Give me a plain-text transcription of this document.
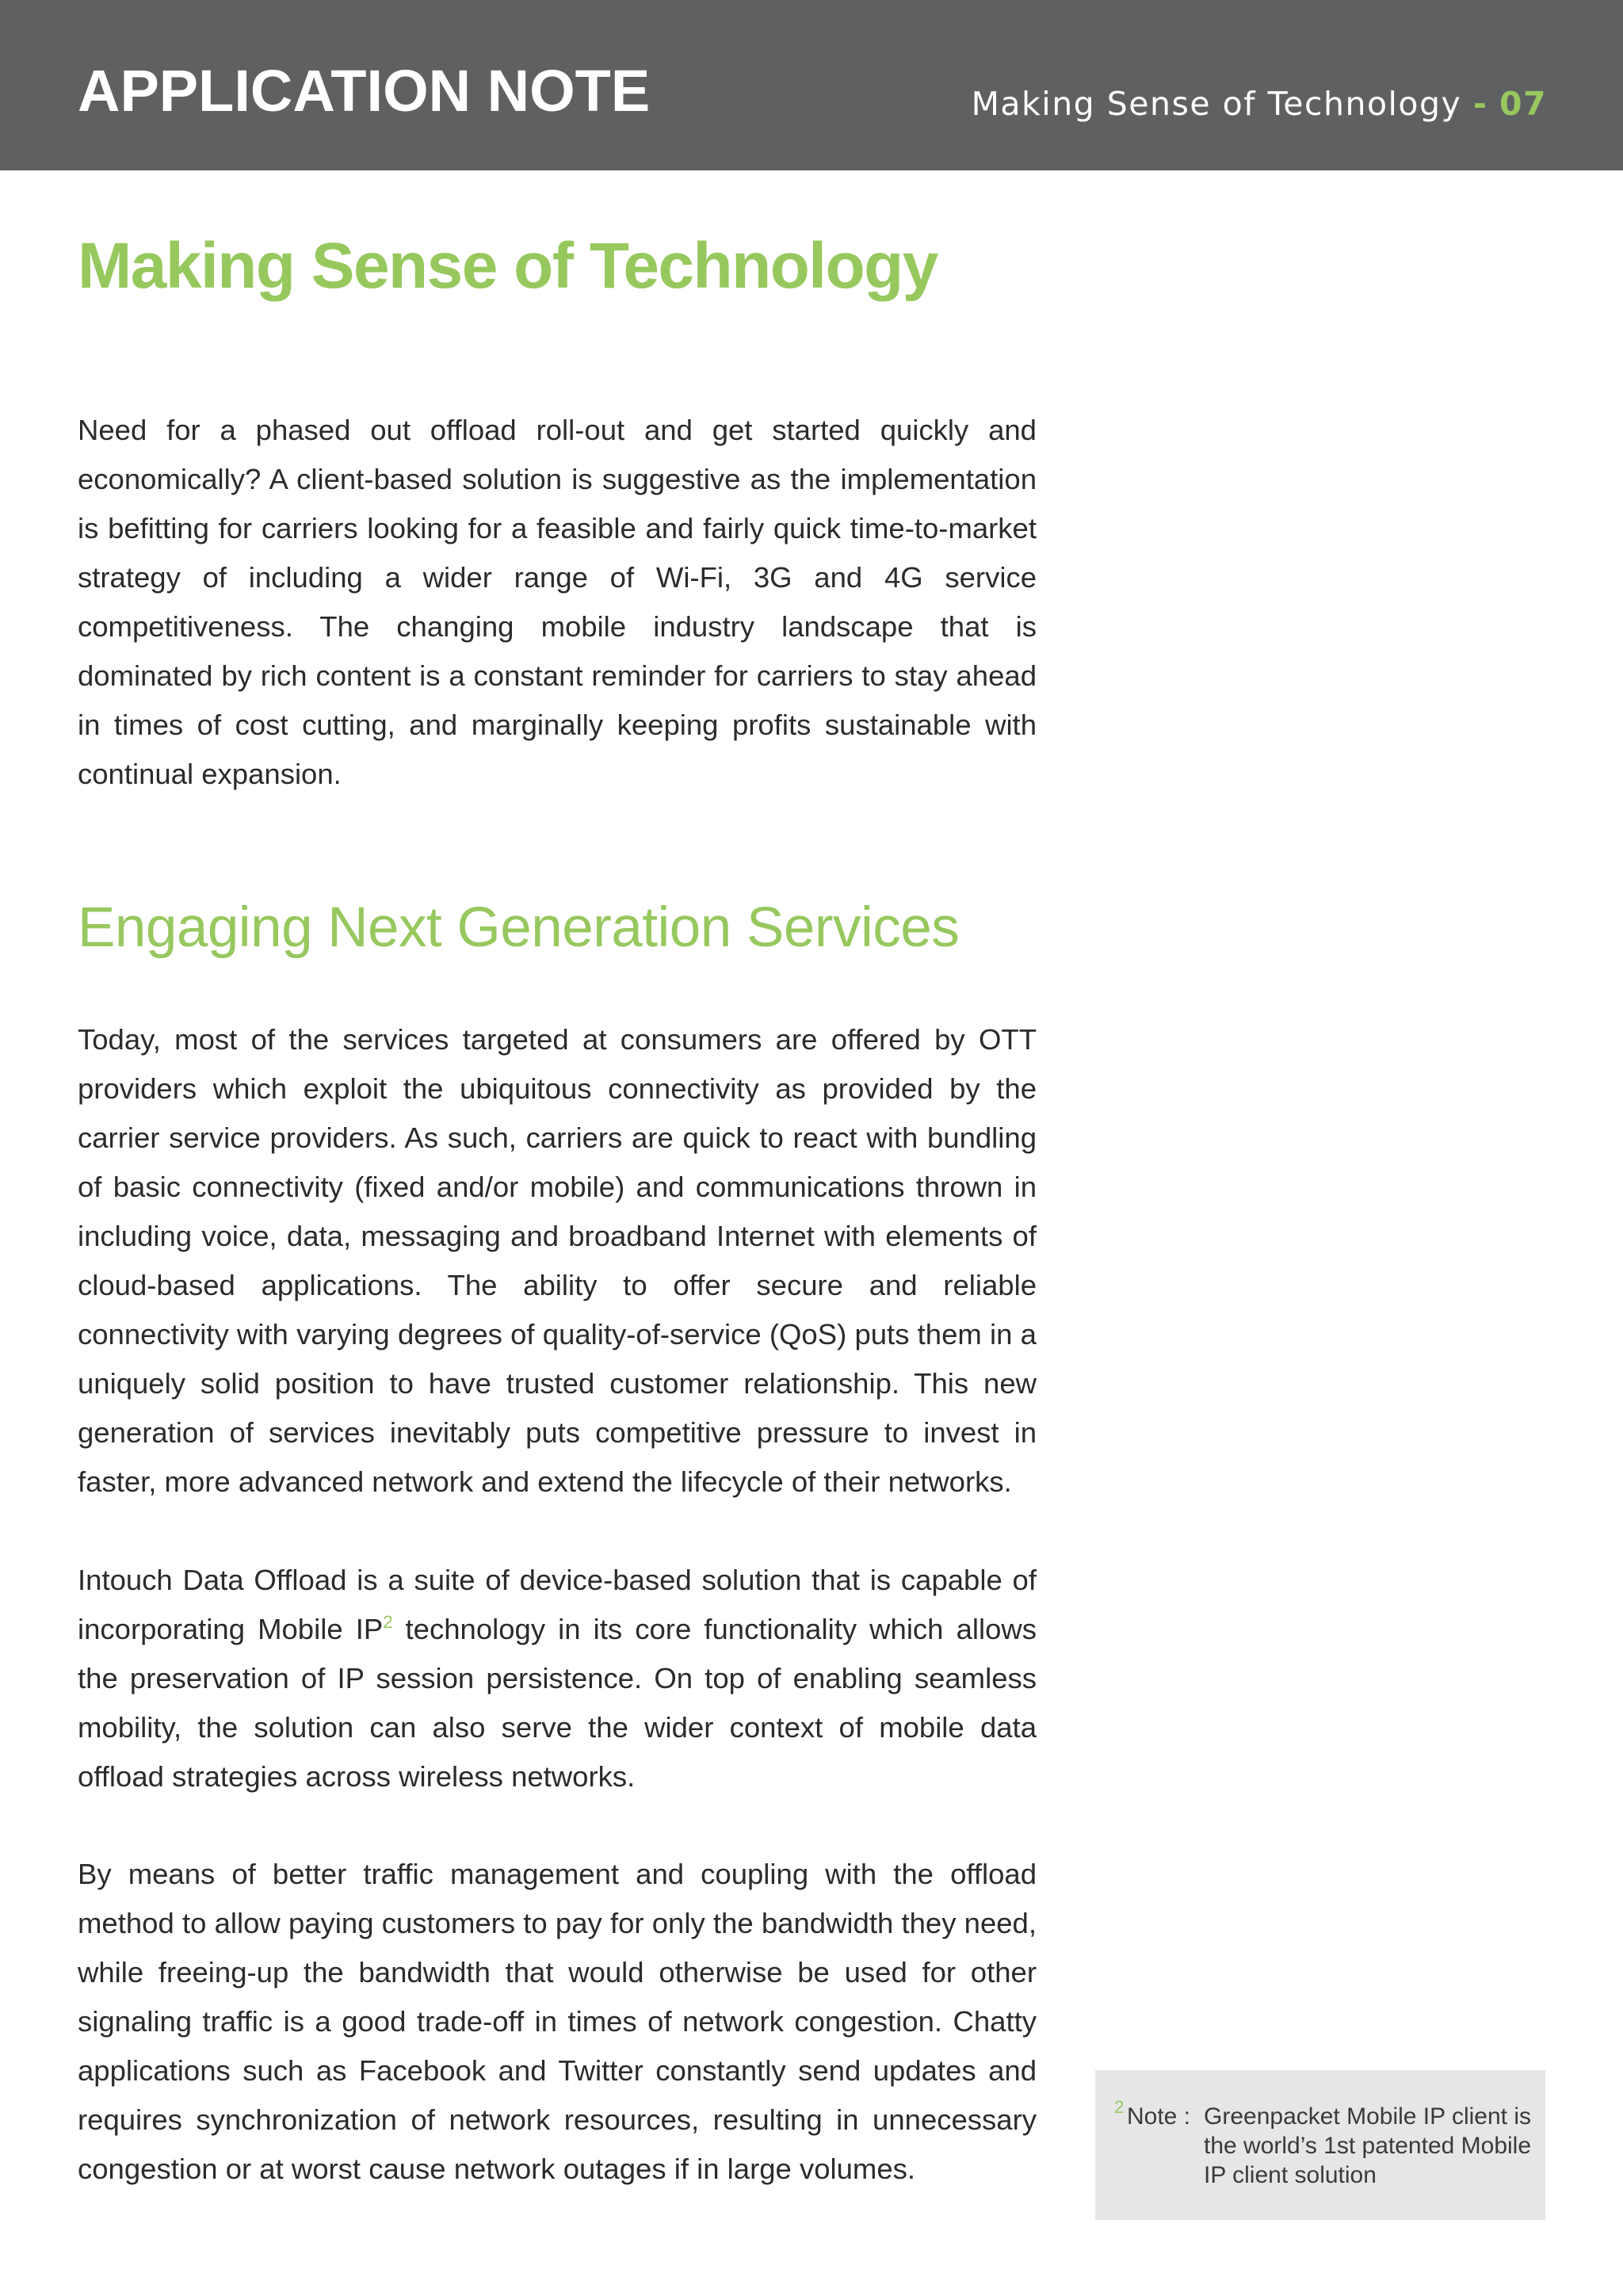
APPLICATION NOTE	Making Sense of Technology - 07
Making Sense of Technology

Need for a phased out offload roll-out and get started quickly and economically? A client-based solution is suggestive as the implementation is befitting for carriers looking for a feasible and fairly quick time-to-market strategy of including a wider range of Wi-Fi, 3G and 4G service competitiveness. The changing mobile industry landscape that is dominated by rich content is a constant reminder for carriers to stay ahead in times of cost cutting, and marginally keeping profits sustainable with continual expansion.

Engaging Next Generation Services

Today, most of the services targeted at consumers are offered by OTT providers which exploit the ubiquitous connectivity as provided by the carrier service providers. As such, carriers are quick to react with bundling of basic connectivity (fixed and/or mobile) and communications thrown in including voice, data, messaging and broadband Internet with elements of cloud-based applications. The ability to offer secure and reliable connectivity with varying degrees of quality-of-service (QoS) puts them in a uniquely solid position to have trusted customer relationship. This new generation of services inevitably puts competitive pressure to invest in faster, more advanced network and extend the lifecycle of their networks.

Intouch Data Offload is a suite of device-based solution that is capable of incorporating Mobile IP$^2$ technology in its core functionality which allows the preservation of IP session persistence. On top of enabling seamless mobility, the solution can also serve the wider context of mobile data offload strategies across wireless networks.

By means of better traffic management and coupling with the offload method to allow paying customers to pay for only the bandwidth they need, while freeing-up the bandwidth that would otherwise be used for other signaling traffic is a good trade-off in times of network congestion. Chatty applications such as Facebook and Twitter constantly send updates and requires synchronization of network resources, resulting in unnecessary congestion or at worst cause network outages if in large volumes.

2 Note : Greenpacket Mobile IP client is the world’s 1st patented Mobile IP client solution
